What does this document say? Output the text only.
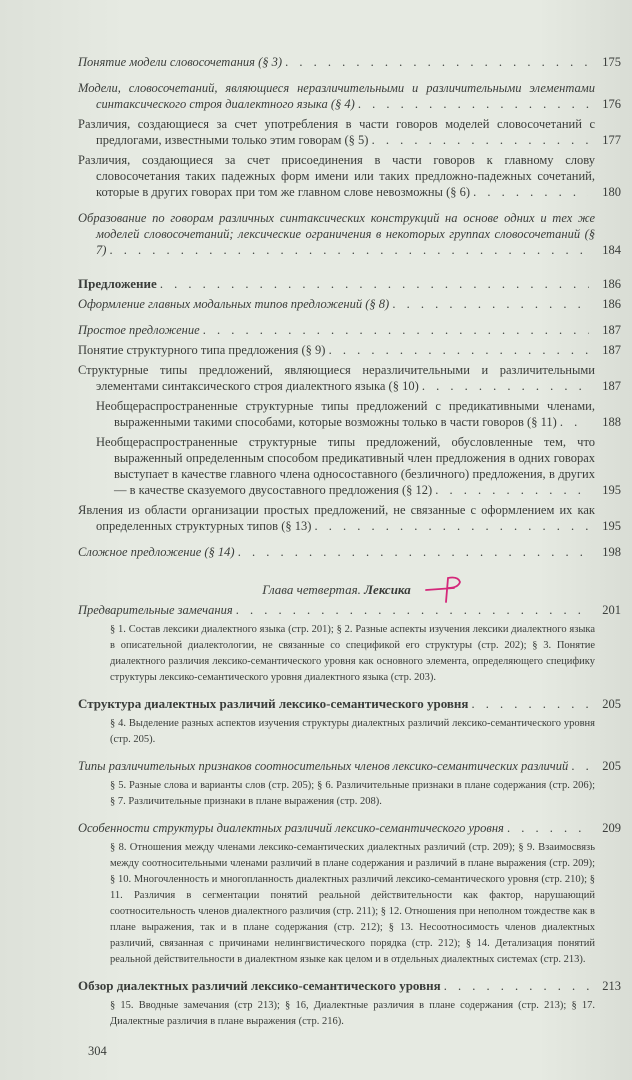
Понятие модели словосочетания (§ 3) . . .	175
Модели, словосочетаний, являющиеся неразличительными и различительными элементами синтаксического строя диалектного языка (§ 4) . . .	176
Различия, создающиеся за счет употребления в части говоров моделей словосочетаний с предлогами, известными только этим говорам (§ 5) . . .	177
Различия, создающиеся за счет присоединения в части говоров к главному слову словосочетания таких падежных форм имени или таких предложно-падежных сочетаний, которые в других говорах при том же главном слове невозможны (§ 6) . . .	180
Образование по говорам различных синтаксических конструкций на основе одних и тех же моделей словосочетаний; лексические ограничения в некоторых группах словосочетаний (§ 7) . . .	184
Предложение . . .	186
Оформление главных модальных типов предложений (§ 8) . . .	186
Простое предложение . . .	187
Понятие структурного типа предложения (§ 9) . . .	187
Структурные типы предложений, являющиеся неразличительными и различительными элементами синтаксического строя диалектного языка (§ 10) . . .	187
Необщераспространенные структурные типы предложений с предикативными членами, выраженными такими способами, которые возможны только в части говоров (§ 11) . . .	188
Необщераспространенные структурные типы предложений, обусловленные тем, что выраженный определенным способом предикативный член предложения в одних говорах выступает в качестве главного члена односоставного (безличного) предложения, в других — в качестве сказуемого двусоставного предложения (§ 12) . . .	195
Явления из области организации простых предложений, не связанные с оформлением их как определенных структурных типов (§ 13) . . .	195
Сложное предложение (§ 14) . . .	198
Глава четвертая. Лексика
Предварительные замечания . . .	201
§ 1. Состав лексики диалектного языка (стр. 201); § 2. Разные аспекты изучения лексики диалектного языка в описательной диалектологии, не связанные со спецификой его структуры (стр. 202); § 3. Понятие диалектного различия лексико-семантического уровня как основного элемента, определяющего специфику структуры лексико-семантического уровня диалектного языка (стр. 203).
Структура диалектных различий лексико-семантического уровня . . .	205
§ 4. Выделение разных аспектов изучения структуры диалектных различий лексико-семантического уровня (стр. 205).
Типы различительных признаков соотносительных членов лексико-семантических различий . . .	205
§ 5. Разные слова и варианты слов (стр. 205); § 6. Различительные признаки в плане содержания (стр. 206); § 7. Различительные признаки в плане выражения (стр. 208).
Особенности структуры диалектных различий лексико-семантического уровня . . .	209
§ 8. Отношения между членами лексико-семантических диалектных различий (стр. 209); § 9. Взаимосвязь между соотносительными членами различий в плане содержания и различий в плане выражения (стр. 209); § 10. Многочленность и многопланность диалектных различий лексико-семантического уровня (стр. 210); § 11. Различия в сегментации понятий реальной действительности как фактор, нарушающий соотносительность членов диалектного различия (стр. 211); § 12. Отношения при неполном тождестве как в плане выражения, так и в плане содержания (стр. 212); § 13. Несоотносимость членов диалектных различий, связанная с причинами нелингвистического порядка (стр. 212); § 14. Детализация понятий реальной действительности в диалектном языке как целом и в отдельных диалектных системах (стр. 213).
Обзор диалектных различий лексико-семантического уровня . . .	213
§ 15. Вводные замечания (стр 213); § 16, Диалектные различия в плане содержания (стр. 213); § 17. Диалектные различия в плане выражения (стр. 216).
304
